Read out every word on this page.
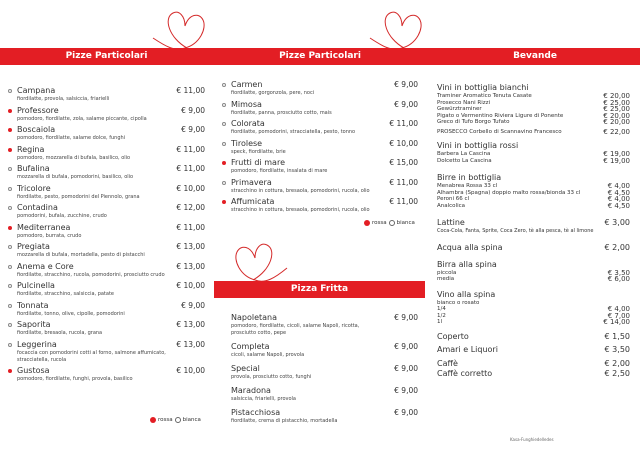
Pizze Particolari	Pizze Particolari	Bevande
Pizza Fritta
Campana
fiordilatte, provola, salsiccia, friarielli
€ 11,00
Professore
pomodoro, fiordilatte, zola, salame piccante, cipolla
€ 9,00
Boscaiola
pomodoro, fiordilatte, salame dolce, funghi
€ 9,00
Regina
pomodoro, mozzarella di bufala, basilico, olio
€ 11,00
Bufalina
mozzarella di bufala, pomodorini, basilico, olio
€ 11,00
Tricolore
fiordilatte, pesto, pomodorini del Piennolo, grana
€ 10,00
Contadina
pomodorini, bufala, zucchine, crudo
€ 12,00
Mediterranea
pomodoro, burrata, crudo
€ 11,00
Pregiata
mozzarella di bufala, mortadella, pesto di pistacchi
€ 13,00
Anema e Core
fiordilatte, stracchino, rucola, pomodorini, prosciutto crudo
€ 13,00
Pulcinella
fiordilatte, stracchino, salsiccia, patate
€ 10,00
Tonnata
fiordilatte, tonno, olive, cipolle, pomodorini
€ 9,00
Saporita
fiordilatte, bresaola, rucola, grana
€ 13,00
Leggerina
focaccia con pomodorini cotti al forno, salmone affumicato,
stracciatella, rucola
€ 13,00
Gustosa
pomodoro, fiordilatte, funghi, provola, basilico
€ 10,00
rossa bianca
Carmen
fiordilatte, gorgonzola, pere, noci
€ 9,00
Mimosa
fiordilatte, panna, prosciutto cotto, mais
€ 9,00
Colorata
fiordilatte, pomodorini, stracciatella, pesto, tonno
€ 11,00
Tirolese
speck, fiordilatte, brie
€ 10,00
Frutti di mare
pomodoro, fiordilatte, insalata di mare
€ 15,00
Primavera
stracchino in cottura, bresaola, pomodorini, rucola, olio
€ 11,00
Affumicata
stracchino in cottura, bresaola, pomodorini, rucola, olio
€ 11,00
rossa bianca
Napoletana
pomodoro, fiordilatte, cicoli, salame Napoli, ricotta, prosciutto cotto, pepe
€ 9,00
Completa
cicoli, salame Napoli, provola
€ 9,00
Special
provola, prosciutto cotto, funghi
€ 9,00
Maradona
salsiccia, friarielli, provola
€ 9,00
Pistacchiosa
fiordilatte, crema di pistacchio, mortadella
€ 9,00
Vini in bottiglia bianchi
Traminer Aromatico Tenuta Casate	€ 20,00
Prosecco Nani Rizzi	€ 25,00
Gewürztraminer	€ 25,00
Pigato o Vermentino Riviera Ligure di Ponente	€ 20,00
Greco di Tufo Borgo Tufato	€ 20,00
PROSECCO Corbello di Scannavino Francesco	€ 22,00
Vini in bottiglia rossi
Barbera La Cascina	€ 19,00
Dolcetto La Cascina	€ 19,00
Birre in bottiglia
Menabrea Rossa 33 cl	€ 4,00
Alhambra (Spagna) doppio malto rossa/bionda 33 cl	€ 4,50
Peroni 66 cl	€ 4,00
Analcolica	€ 4,50
Lattine	€ 3,00
Coca-Cola, Fanta, Sprite, Coca Zero, tè alla pesca, tè al limone
Acqua alla spina	€ 2,00
Birra alla spina
piccola	€ 3,50
media	€ 6,00
Vino alla spina
bianco o rosato
1/4	€ 4,00
1/2	€ 7,00
1l	€ 14,00
Coperto	€ 1,50
Amari e Liquori	€ 3,50
Caffè	€ 2,00
Caffè corretto	€ 2,50
Kasa-Funghiedelledes
